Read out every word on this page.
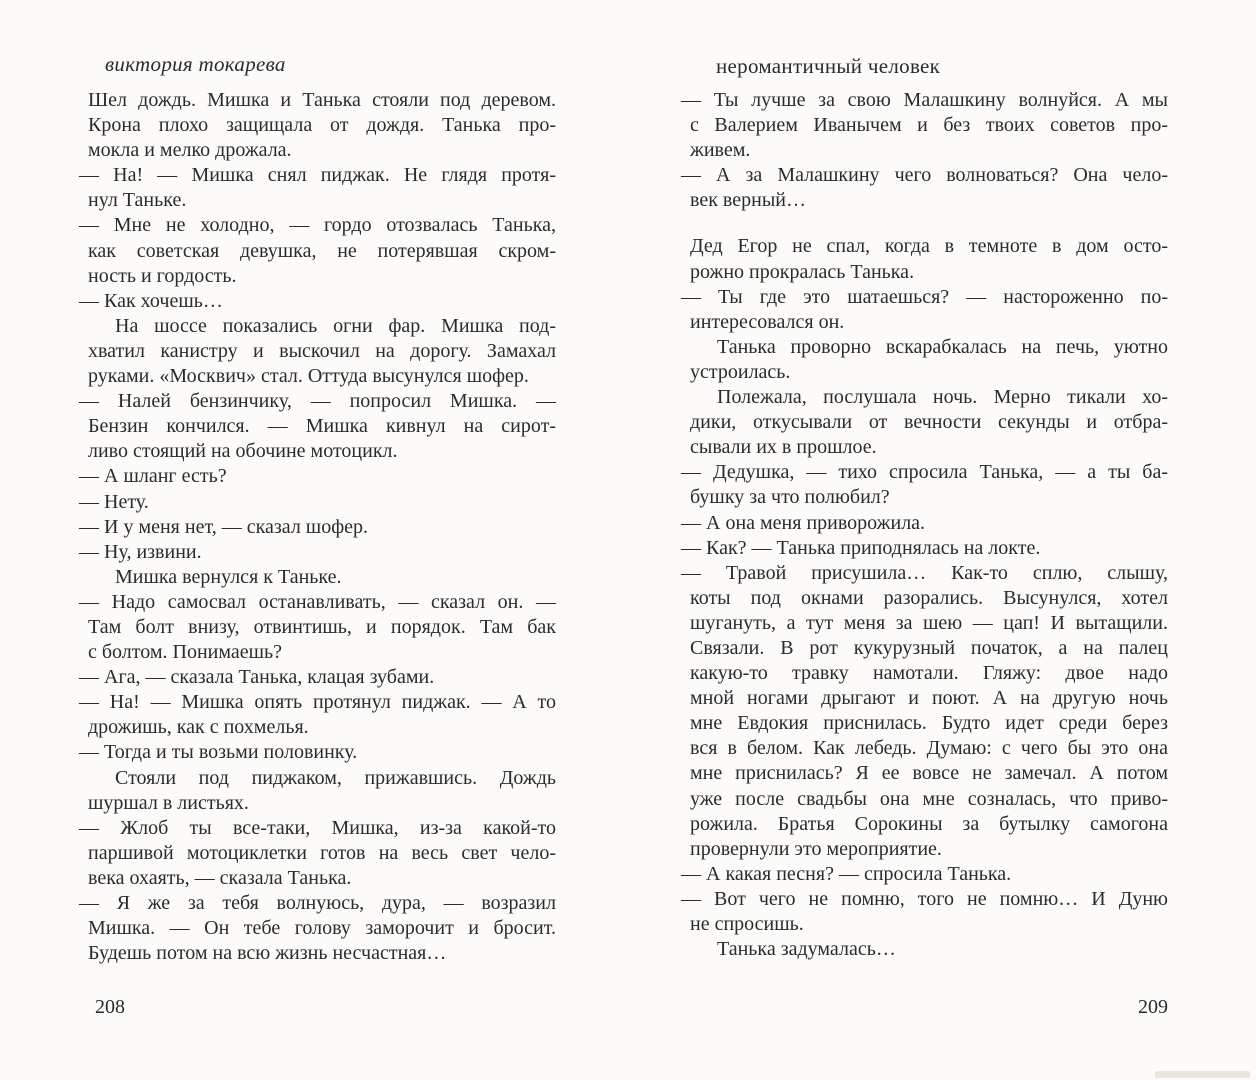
виктория токарева
Шел дождь. Мишка и Танька стояли под деревом.
Крона плохо защищала от дождя. Танька про-
мокла и мелко дрожала.
— На! — Мишка снял пиджак. Не глядя протя-
нул Таньке.
— Мне не холодно, — гордо отозвалась Танька,
как советская девушка, не потерявшая скром-
ность и гордость.
— Как хочешь…
На шоссе показались огни фар. Мишка под-
хватил канистру и выскочил на дорогу. Замахал
руками. «Москвич» стал. Оттуда высунулся шофер.
— Налей бензинчику, — попросил Мишка. —
Бензин кончился. — Мишка кивнул на сирот-
ливо стоящий на обочине мотоцикл.
— А шланг есть?
— Нету.
— И у меня нет, — сказал шофер.
— Ну, извини.
Мишка вернулся к Таньке.
— Надо самосвал останавливать, — сказал он. —
Там болт внизу, отвинтишь, и порядок. Там бак
с болтом. Понимаешь?
— Ага, — сказала Танька, клацая зубами.
— На! — Мишка опять протянул пиджак. — А то
дрожишь, как с похмелья.
— Тогда и ты возьми половинку.
Стояли под пиджаком, прижавшись. Дождь
шуршал в листьях.
— Жлоб ты все-таки, Мишка, из-за какой-то
паршивой мотоциклетки готов на весь свет чело-
века охаять, — сказала Танька.
— Я же за тебя волнуюсь, дура, — возразил
Мишка. — Он тебе голову заморочит и бросит.
Будешь потом на всю жизнь несчастная…
208
неромантичный человек
— Ты лучше за свою Малашкину волнуйся. А мы
с Валерием Иванычем и без твоих советов про-
живем.
— А за Малашкину чего волноваться? Она чело-
век верный…
Дед Егор не спал, когда в темноте в дом осто-
рожно прокралась Танька.
— Ты где это шатаешься? — настороженно по-
интересовался он.
Танька проворно вскарабкалась на печь, уютно
устроилась.
Полежала, послушала ночь. Мерно тикали хо-
дики, откусывали от вечности секунды и отбра-
сывали их в прошлое.
— Дедушка, — тихо спросила Танька, — а ты ба-
бушку за что полюбил?
— А она меня приворожила.
— Как? — Танька приподнялась на локте.
— Травой присушила… Как-то сплю, слышу,
коты под окнами разорались. Высунулся, хотел
шугануть, а тут меня за шею — цап! И вытащили.
Связали. В рот кукурузный початок, а на палец
какую-то травку намотали. Гляжу: двое надо
мной ногами дрыгают и поют. А на другую ночь
мне Евдокия приснилась. Будто идет среди берез
вся в белом. Как лебедь. Думаю: с чего бы это она
мне приснилась? Я ее вовсе не замечал. А потом
уже после свадьбы она мне созналась, что приво-
рожила. Братья Сорокины за бутылку самогона
провернули это мероприятие.
— А какая песня? — спросила Танька.
— Вот чего не помню, того не помню… И Дуню
не спросишь.
Танька задумалась…
209
